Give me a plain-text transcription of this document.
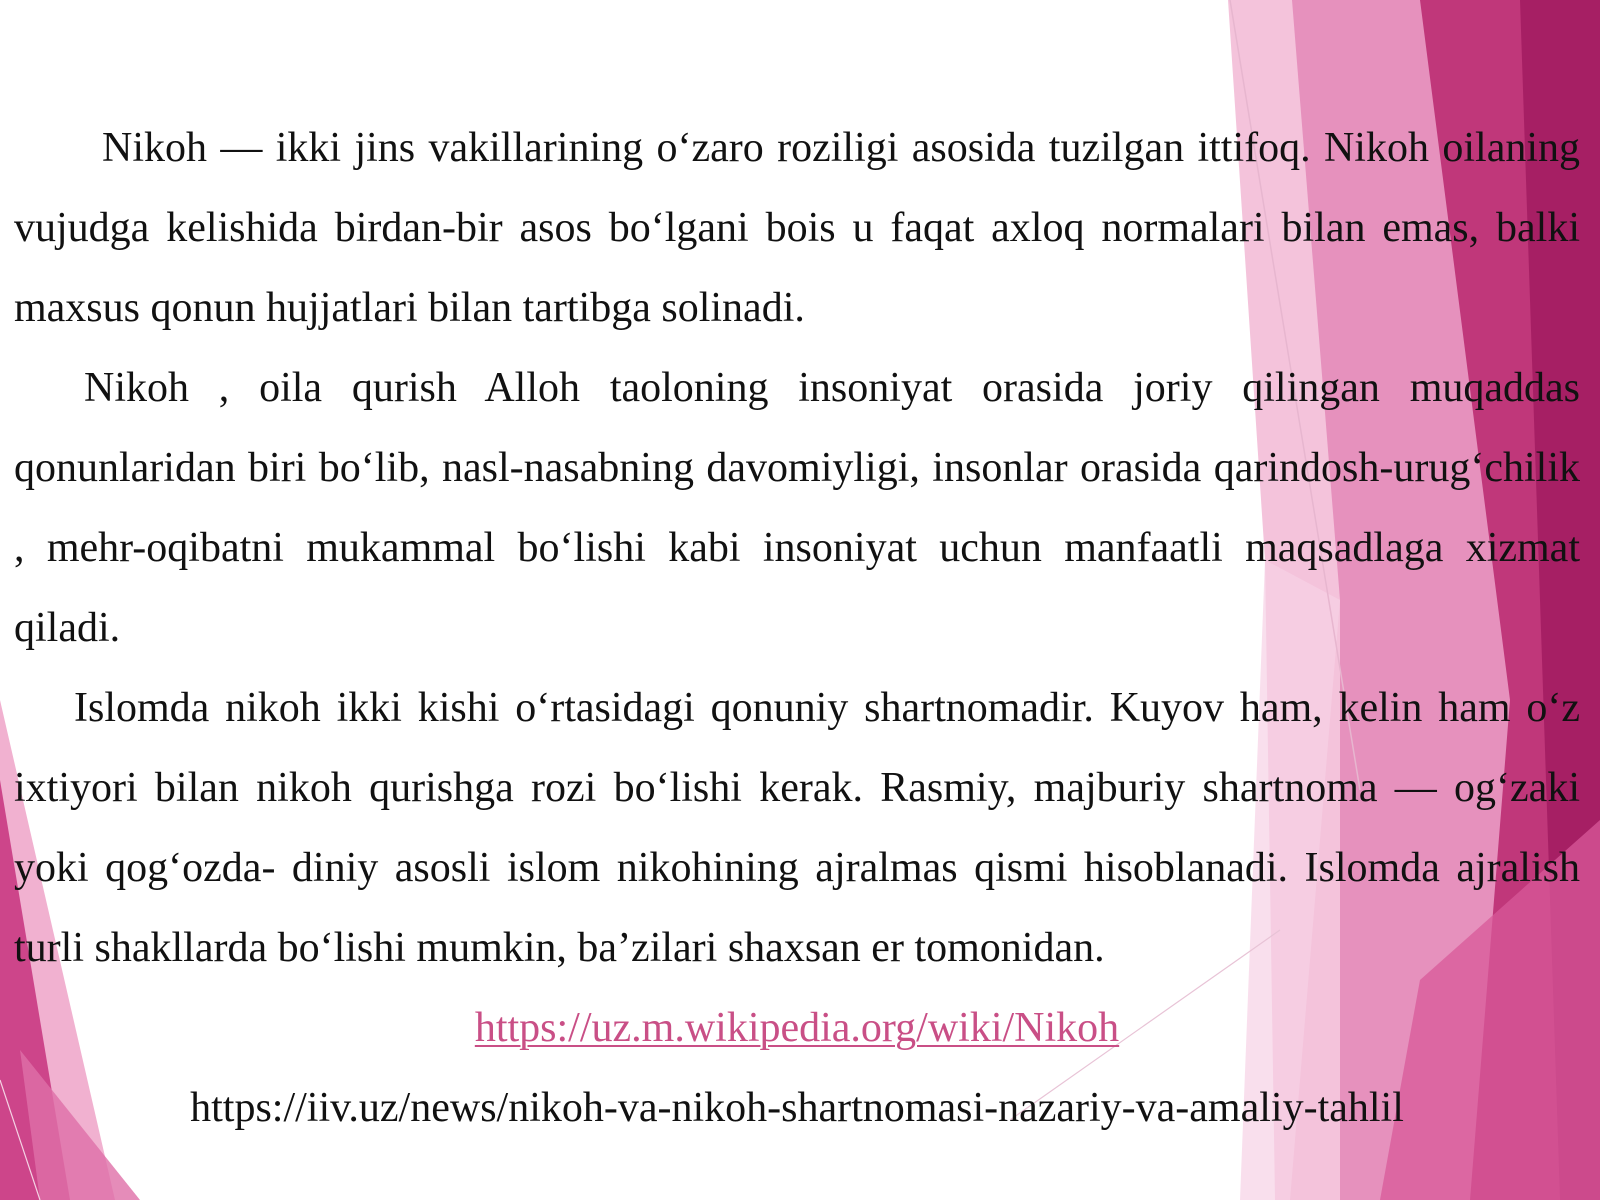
Nikoh — ikki jins vakillarining o‘zaro roziligi asosida tuzilgan ittifoq. Nikoh oilaning vujudga kelishida birdan-bir asos bo‘lgani bois u faqat axloq normalari bilan emas, balki maxsus qonun hujjatlari bilan tartibga solinadi.

Nikoh , oila qurish Alloh taoloning insoniyat orasida joriy qilingan muqaddas qonunlaridan biri bo‘lib, nasl-nasabning davomiyligi, insonlar orasida qarindosh-urug‘chilik , mehr-oqibatni mukammal bo‘lishi kabi insoniyat uchun manfaatli maqsadlaga xizmat qiladi.

Islomda nikoh ikki kishi o‘rtasidagi qonuniy shartnomadir. Kuyov ham, kelin ham o‘z ixtiyori bilan nikoh qurishga rozi bo‘lishi kerak. Rasmiy, majburiy shartnoma — og‘zaki yoki qog‘ozda- diniy asosli islom nikohining ajralmas qismi hisoblanadi. Islomda ajralish turli shakllarda bo‘lishi mumkin, ba’zilari shaxsan er tomonidan.

https://uz.m.wikipedia.org/wiki/Nikoh

https://iiv.uz/news/nikoh-va-nikoh-shartnomasi-nazariy-va-amaliy-tahlil
